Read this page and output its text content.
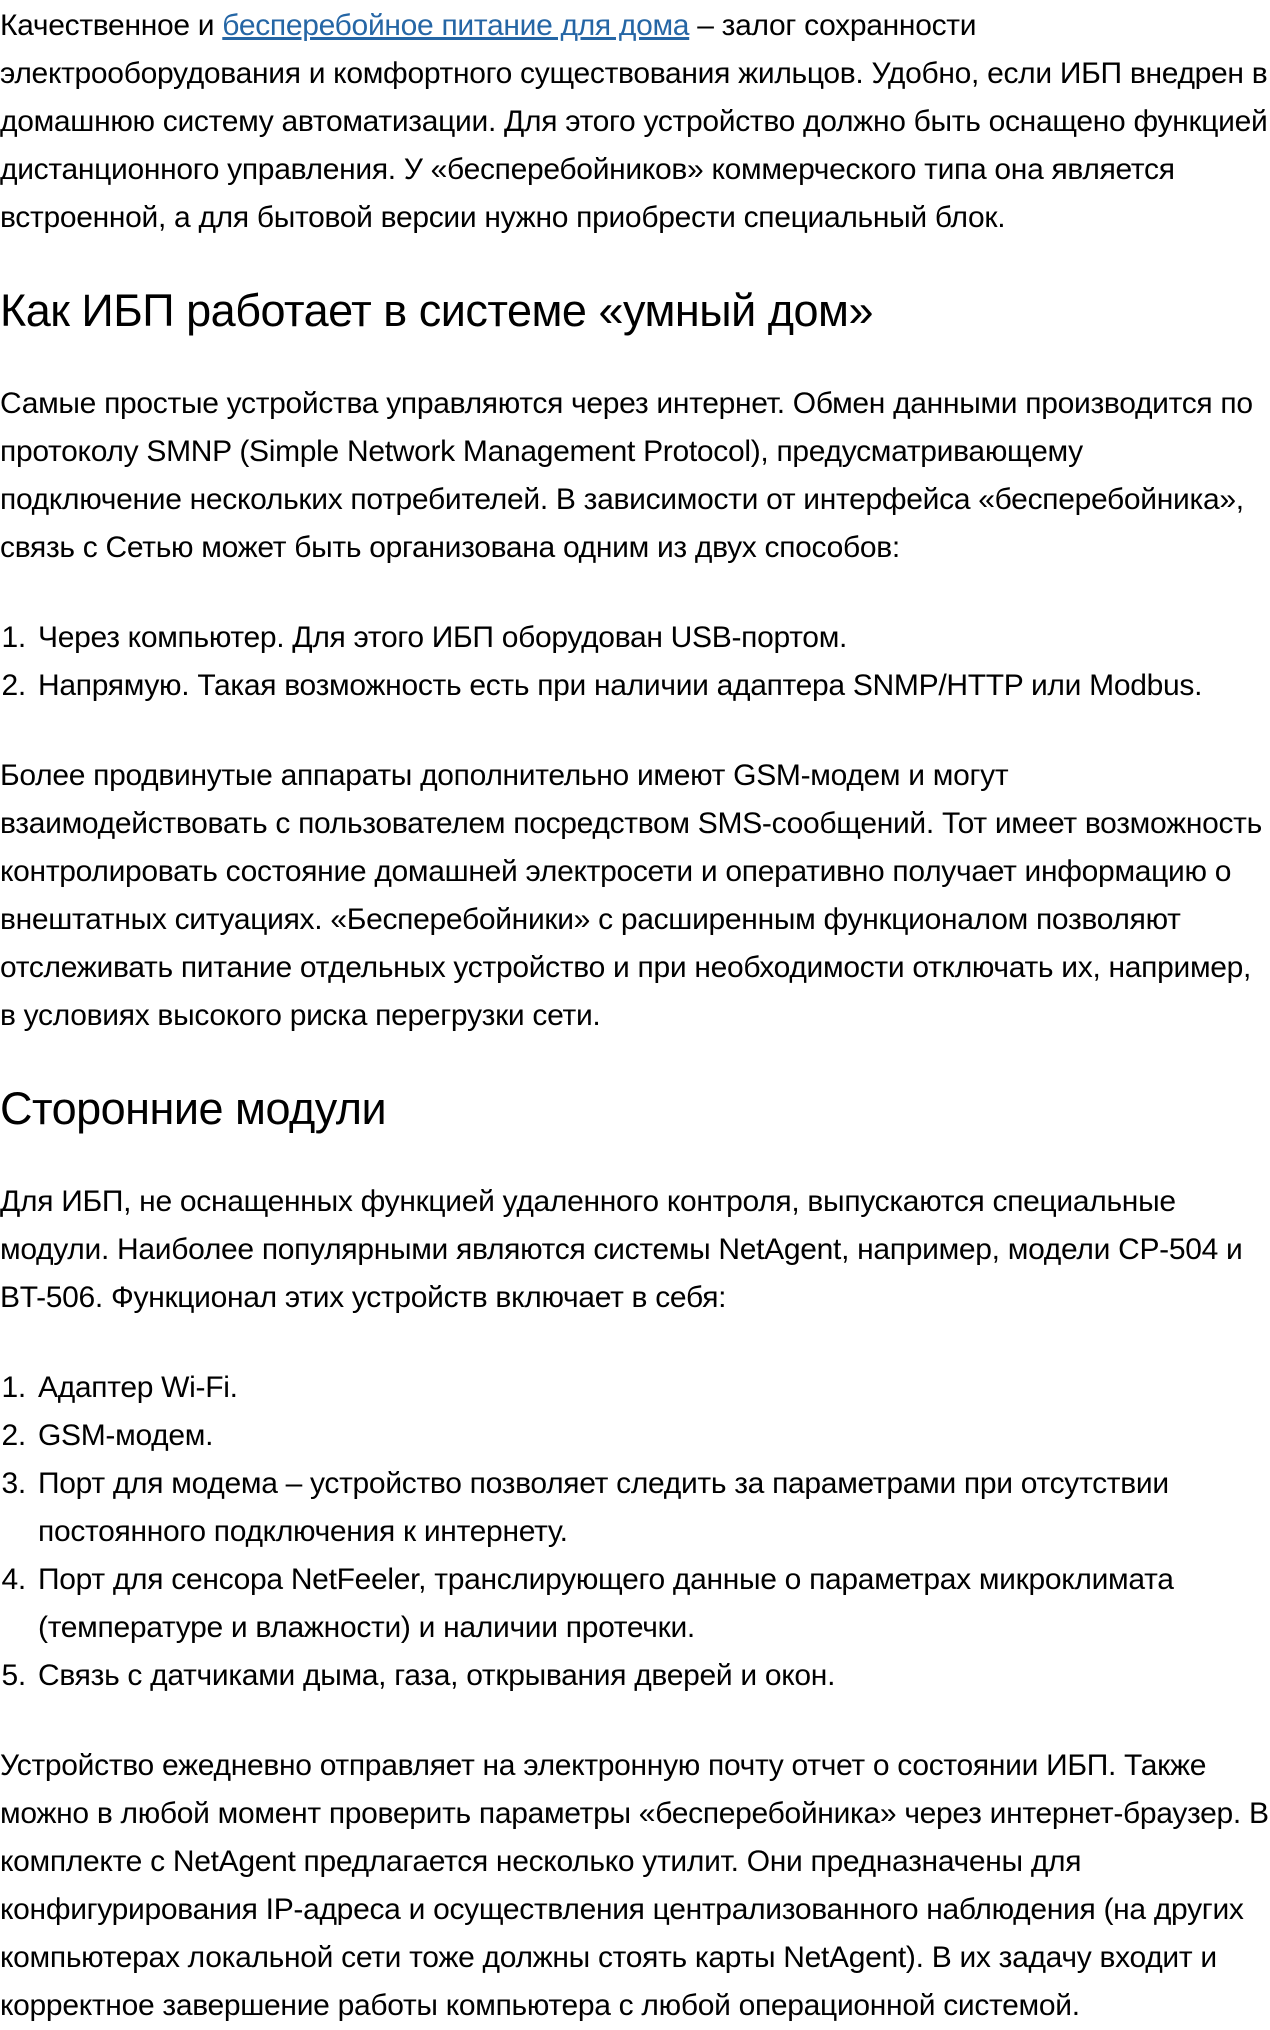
Качественное и бесперебойное питание для дома – залог сохранности электрооборудования и комфортного существования жильцов. Удобно, если ИБП внедрен в домашнюю систему автоматизации. Для этого устройство должно быть оснащено функцией дистанционного управления. У «бесперебойников» коммерческого типа она является встроенной, а для бытовой версии нужно приобрести специальный блок.

Как ИБП работает в системе «умный дом»

Самые простые устройства управляются через интернет. Обмен данными производится по протоколу SMNP (Simple Network Management Protocol), предусматривающему подключение нескольких потребителей. В зависимости от интерфейса «бесперебойника», связь с Сетью может быть организована одним из двух способов:

1. Через компьютер. Для этого ИБП оборудован USB-портом.
2. Напрямую. Такая возможность есть при наличии адаптера SNMP/HTTP или Modbus.

Более продвинутые аппараты дополнительно имеют GSM-модем и могут взаимодействовать с пользователем посредством SMS-сообщений. Тот имеет возможность контролировать состояние домашней электросети и оперативно получает информацию о внештатных ситуациях. «Бесперебойники» с расширенным функционалом позволяют отслеживать питание отдельных устройство и при необходимости отключать их, например, в условиях высокого риска перегрузки сети.

Сторонние модули

Для ИБП, не оснащенных функцией удаленного контроля, выпускаются специальные модули. Наиболее популярными являются системы NetAgent, например, модели CP-504 и BT-506. Функционал этих устройств включает в себя:

1. Адаптер Wi-Fi.
2. GSM-модем.
3. Порт для модема – устройство позволяет следить за параметрами при отсутствии постоянного подключения к интернету.
4. Порт для сенсора NetFeeler, транслирующего данные о параметрах микроклимата (температуре и влажности) и наличии протечки.
5. Связь с датчиками дыма, газа, открывания дверей и окон.

Устройство ежедневно отправляет на электронную почту отчет о состоянии ИБП. Также можно в любой момент проверить параметры «бесперебойника» через интернет-браузер. В комплекте с NetAgent предлагается несколько утилит. Они предназначены для конфигурирования IP-адреса и осуществления централизованного наблюдения (на других компьютерах локальной сети тоже должны стоять карты NetAgent). В их задачу входит и корректное завершение работы компьютера с любой операционной системой.
